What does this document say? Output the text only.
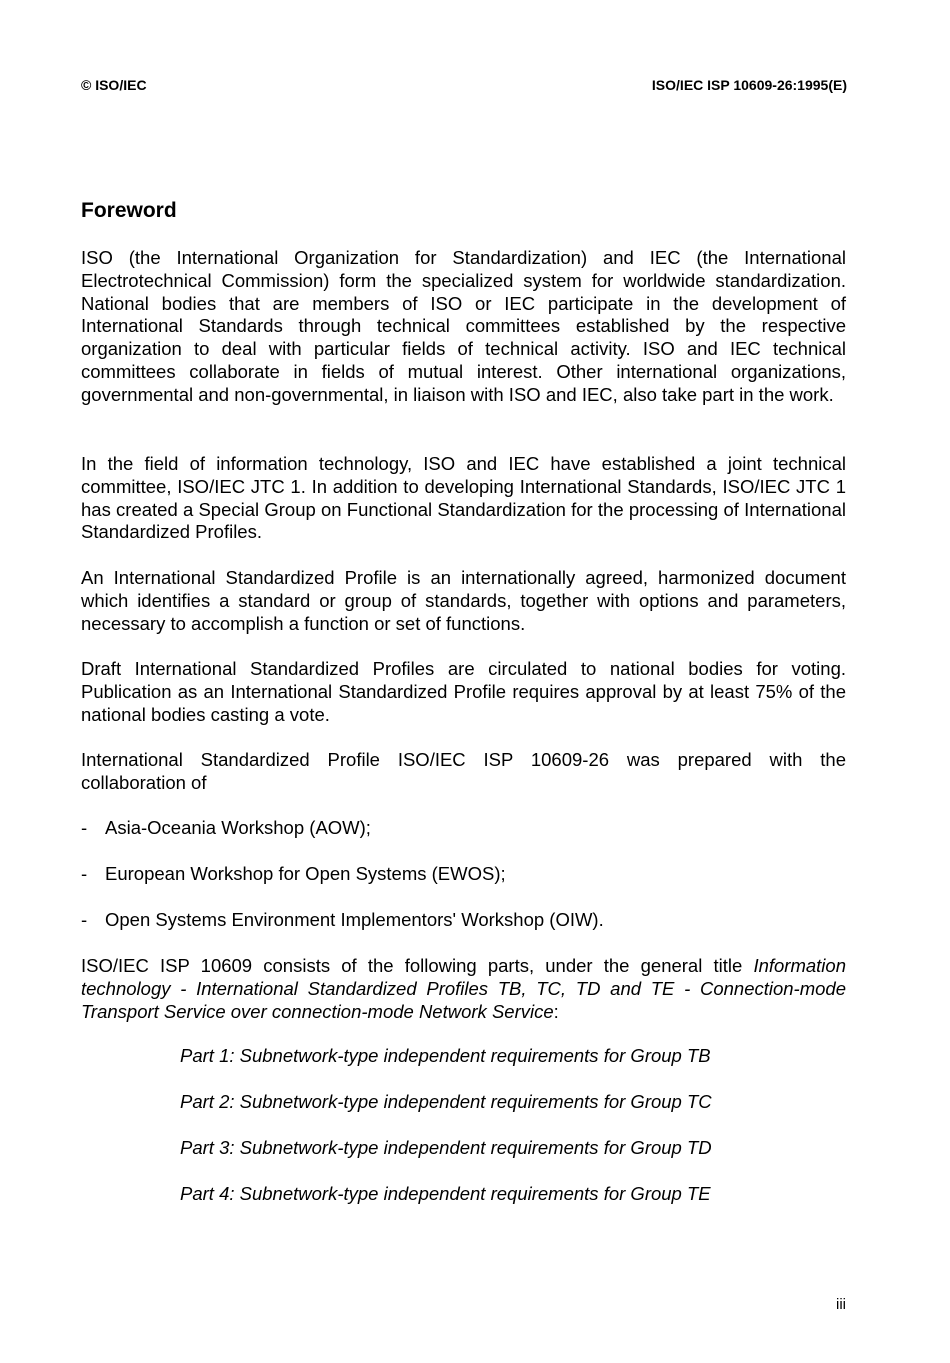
© ISO/IEC	ISO/IEC ISP 10609-26:1995(E)
Foreword

ISO (the International Organization for Standardization) and IEC (the International Electrotechnical Commission) form the specialized system for worldwide standardization. National bodies that are members of ISO or IEC participate in the development of International Standards through technical committees established by the respective organization to deal with particular fields of technical activity. ISO and IEC technical committees collaborate in fields of mutual interest. Other international organizations, governmental and non-governmental, in liaison with ISO and IEC, also take part in the work.

In the field of information technology, ISO and IEC have established a joint technical committee, ISO/IEC JTC 1. In addition to developing International Standards, ISO/IEC JTC 1 has created a Special Group on Functional Standardization for the processing of International Standardized Profiles.

An International Standardized Profile is an internationally agreed, harmonized document which identifies a standard or group of standards, together with options and parameters, necessary to accomplish a function or set of functions.

Draft International Standardized Profiles are circulated to national bodies for voting. Publication as an International Standardized Profile requires approval by at least 75% of the national bodies casting a vote.

International Standardized Profile ISO/IEC ISP 10609-26 was prepared with the
collaboration of

- Asia-Oceania Workshop (AOW);
- European Workshop for Open Systems (EWOS);
- Open Systems Environment Implementors' Workshop (OIW).

ISO/IEC ISP 10609 consists of the following parts, under the general title Information technology - International Standardized Profiles TB, TC, TD and TE - Connection-mode Transport Service over connection-mode Network Service:

Part 1: Subnetwork-type independent requirements for Group TB
Part 2: Subnetwork-type independent requirements for Group TC
Part 3: Subnetwork-type independent requirements for Group TD
Part 4: Subnetwork-type independent requirements for Group TE
iii
